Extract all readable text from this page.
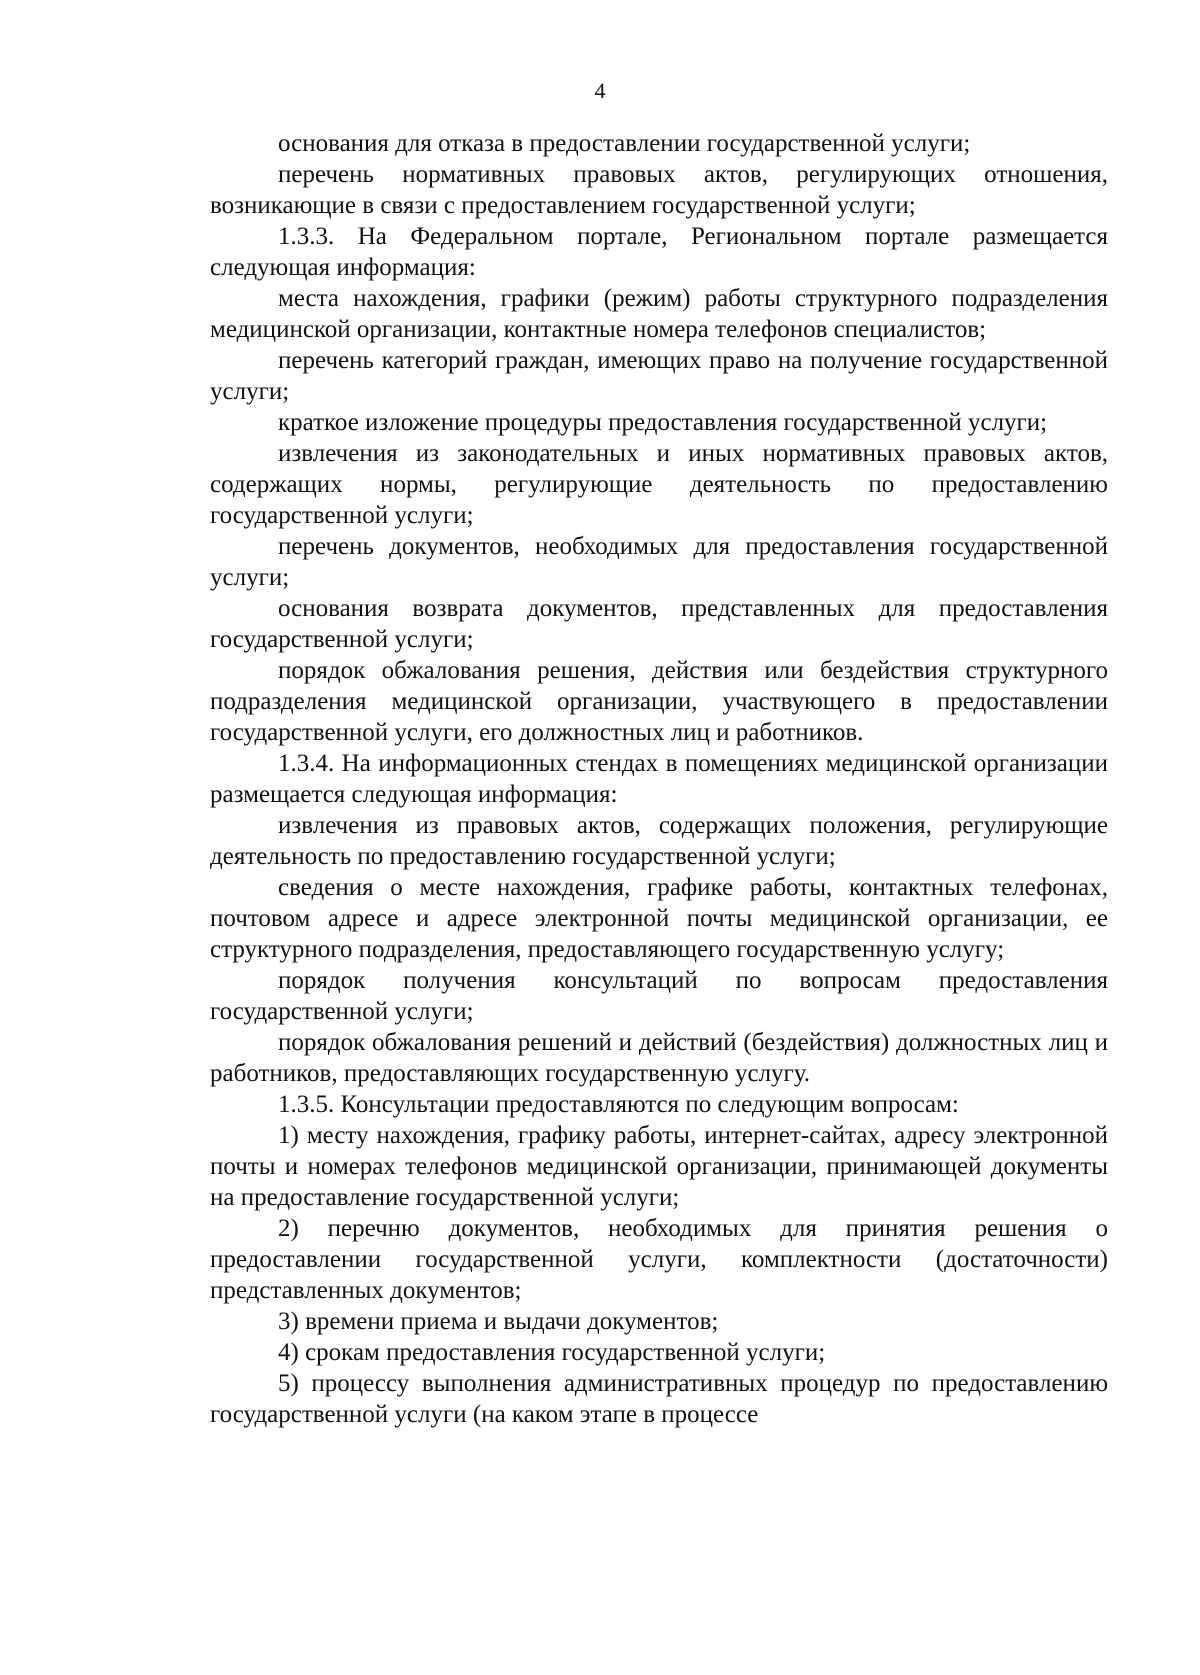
4

основания для отказа в предоставлении государственной услуги;

перечень нормативных правовых актов, регулирующих отношения, возникающие в связи с предоставлением государственной услуги;

1.3.3. На Федеральном портале, Региональном портале размещается следующая информация:

места нахождения, графики (режим) работы структурного подразделения медицинской организации, контактные номера телефонов специалистов;

перечень категорий граждан, имеющих право на получение государственной услуги;

краткое изложение процедуры предоставления государственной услуги;

извлечения из законодательных и иных нормативных правовых актов, содержащих нормы, регулирующие деятельность по предоставлению государственной услуги;

перечень документов, необходимых для предоставления государственной услуги;

основания возврата документов, представленных для предоставления государственной услуги;

порядок обжалования решения, действия или бездействия структурного подразделения медицинской организации, участвующего в предоставлении государственной услуги, его должностных лиц и работников.

1.3.4. На информационных стендах в помещениях медицинской организации размещается следующая информация:

извлечения из правовых актов, содержащих положения, регулирующие деятельность по предоставлению государственной услуги;

сведения о месте нахождения, графике работы, контактных телефонах, почтовом адресе и адресе электронной почты медицинской организации, ее структурного подразделения, предоставляющего государственную услугу;

порядок получения консультаций по вопросам предоставления государственной услуги;

порядок обжалования решений и действий (бездействия) должностных лиц и работников, предоставляющих государственную услугу.

1.3.5. Консультации предоставляются по следующим вопросам:

1) месту нахождения, графику работы, интернет-сайтах, адресу электронной почты и номерах телефонов медицинской организации, принимающей документы на предоставление государственной услуги;

2) перечню документов, необходимых для принятия решения о предоставлении государственной услуги, комплектности (достаточности) представленных документов;

3) времени приема и выдачи документов;

4) срокам предоставления государственной услуги;

5) процессу выполнения административных процедур по предоставлению государственной услуги (на каком этапе в процессе
